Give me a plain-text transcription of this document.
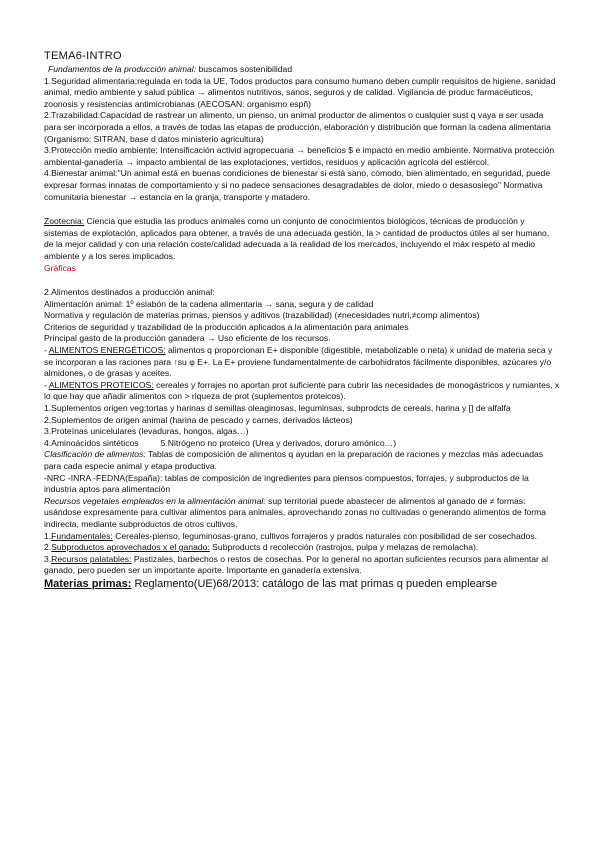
TEMA6-INTRO

Fundamentos de la producción animal: buscamos sostenibilidad

1.Seguridad alimentaria:regulada en toda la UE, Todos productos para consumo humano deben cumplir requisitos de higiene, sanidad animal, medio ambiente y salud pública → alimentos nutritivos, sanos, seguros y de calidad. Vigilancia de produc farmacéuticos, zoonosis y resistencias antimicrobianas (AECOSAN: organismo espñ)

2.Trazabilidad:Capacidad de rastrear un alimento, un pienso, un animal productor de alimentos o cualquier sust q vaya a ser usada para ser incorporada a ellos, a través de todas las etapas de producción, elaboración y distribución que forman la cadena alimentaria (Organismo: SITRAN, base d datos ministerio agricultura)

3.Protección medio ambiente: Intensificación activid agropecuaria → beneficios $ e impacto en medio ambiente. Normativa protección ambiental-ganadería → impacto ambiental de las explotaciones, vertidos, residuos y aplicación agrícola del estiércol.

4.Bienestar animal:"Un animal está en buenas condiciones de bienestar si está sano, cómodo, bien alimentado, en seguridad, puede expresar formas innatas de comportamiento y si no padece sensaciones desagradables de dolor, miedo o desasosiego" Normativa comunitaria bienestar → estancia en la granja, transporte y matadero.

Zootecnia: Ciencia que estudia las producs animales como un conjunto de conocimientos biológicos, técnicas de producción y sistemas de explotación, aplicados para obtener, a través de una adecuada gestión, la > cantidad de productos útiles al ser humano, de la mejor calidad y con una relación coste/calidad adecuada a la realidad de los mercados, incluyendo el máx respeto al medio ambiente y a los seres implicados.

Gráficas

2.Alimentos destinados a producción animal:

Alimentación animal: 1º eslabón de la cadena alimentaria → sana, segura y de calidad

Normativa y regulación de materias primas, piensos y aditivos (trazabilidad) (≠necesidades nutri,≠comp alimentos)

Criterios de seguridad y trazabilidad de la producción aplicados a la alimentación para animales

Principal gasto de la producción ganadera → Uso eficiente de los recursos.

- ALIMENTOS ENERGÉTICOS: alimentos q proporcionan E+ disponible (digestible, metabolizable o neta) x unidad de materia seca y se incorporan a las raciones para ↑su φ E+. La E+ proviene fundamentalmente de carbohidratos fácilmente disponibles, azúcares y/o almidones, o de grasas y aceites.

- ALIMENTOS PROTEICOS: cereales y forrajes no aportan prot suficiente para cubrir las necesidades de monogástricos y rumiantes, x lo que hay que añadir alimentos con > riqueza de prot (suplementos proteicos).

1.Suplementos origen veg:tortas y harinas d semillas oleaginosas, leguminsas, subprodcts de cereals, harina y [] de alfalfa

2.Suplementos de origen animal (harina de pescado y carnes, derivados lácteos)

3.Proteínas unicelulares (levaduras, hongos, algas…)

4.Aminoácidos sintéticos	5.Nitrógeno no proteico (Urea y derivados, doruro amónico…)

Clasificación de alimentos: Tablas de composición de alimentos q ayudan en la preparación de raciones y mezclas más adecuadas para cada especie animal y etapa productiva.

-NRC -INRA -FEDNA(España): tablas de composición de ingredientes para piensos compuestos, forrajes, y subproductos de la industria aptos para alimentación

Recursos vegetales empleados en la alimentación animal: sup territorial puede abastecer de alimentos al ganado de ≠ formas: usándose expresamente para cultivar alimentos para animales, aprovechando zonas no cultivadas o generando alimentos de forma indirecta, mediante subproductos de otros cultivos.

1.Fundamentales: Cereales-pienso, leguminosas-grano, cultivos forrajeros y prados naturales con posibilidad de ser cosechados.

2.Subproductos aprovechados x el ganado: Subproducts d recolección (rastrojos, pulpa y melazas de remolacha).

3.Recursos palatables: Pastizales, barbechos o restos de cosechas. Por lo general no aportan suficientes recursos para alimentar al ganado, pero pueden ser un importante aporte. Importante en ganadería extensiva.

Materias primas: Reglamento(UE)68/2013: catálogo de las mat primas q pueden emplearse
